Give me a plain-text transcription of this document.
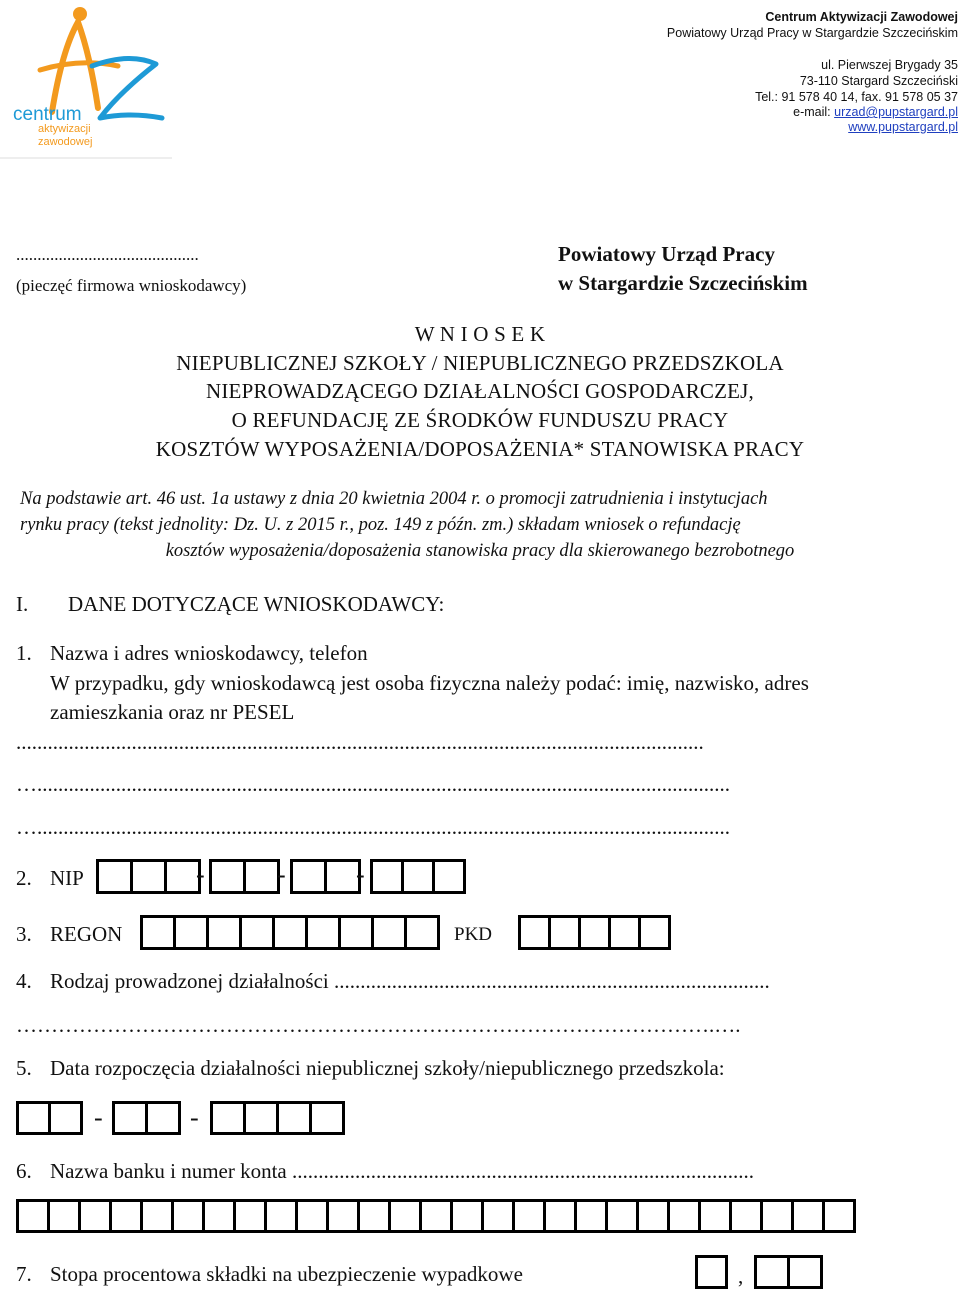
centrum
aktywizacji
zawodowej
Centrum Aktywizacji Zawodowej
Powiatowy Urząd Pracy w Stargardzie Szczecińskim
ul. Pierwszej Brygady 35
73-110 Stargard Szczeciński
Tel.: 91 578 40 14, fax. 91 578 05 37
e-mail: urzad@pupstargard.pl
www.pupstargard.pl
...........................................
(pieczęć firmowa wnioskodawcy)
Powiatowy Urząd Pracy
w Stargardzie Szczecińskim
W N I O S E K
NIEPUBLICZNEJ SZKOŁY / NIEPUBLICZNEGO PRZEDSZKOLA
NIEPROWADZĄCEGO DZIAŁALNOŚCI GOSPODARCZEJ,
O REFUNDACJĘ ZE ŚRODKÓW FUNDUSZU PRACY
KOSZTÓW WYPOSAŻENIA/DOPOSAŻENIA* STANOWISKA PRACY
Na podstawie art. 46 ust. 1a ustawy z dnia 20 kwietnia 2004 r. o promocji zatrudnienia i instytucjach
rynku pracy (tekst jednolity: Dz. U. z 2015 r., poz. 149 z późn. zm.) składam wniosek o refundację
kosztów wyposażenia/doposażenia stanowiska pracy dla skierowanego bezrobotnego
I. DANE DOTYCZĄCE WNIOSKODAWCY:
1. Nazwa i adres wnioskodawcy, telefon
W przypadku, gdy wnioskodawcą jest osoba fizyczna należy podać: imię, nazwisko, adres
zamieszkania oraz nr PESEL
...................................................................................................................................
…....................................................................................................................................
…....................................................................................................................................
2. NIP	-	-	-
3. REGON	PKD
4. Rodzaj prowadzonej działalności ...................................................................................
……………………………………………………………………………………….….
5. Data rozpoczęcia działalności niepublicznej szkoły/niepublicznego przedszkola:
-	-
6. Nazwa banku i numer konta ........................................................................................
7. Stopa procentowa składki na ubezpieczenie wypadkowe	,
